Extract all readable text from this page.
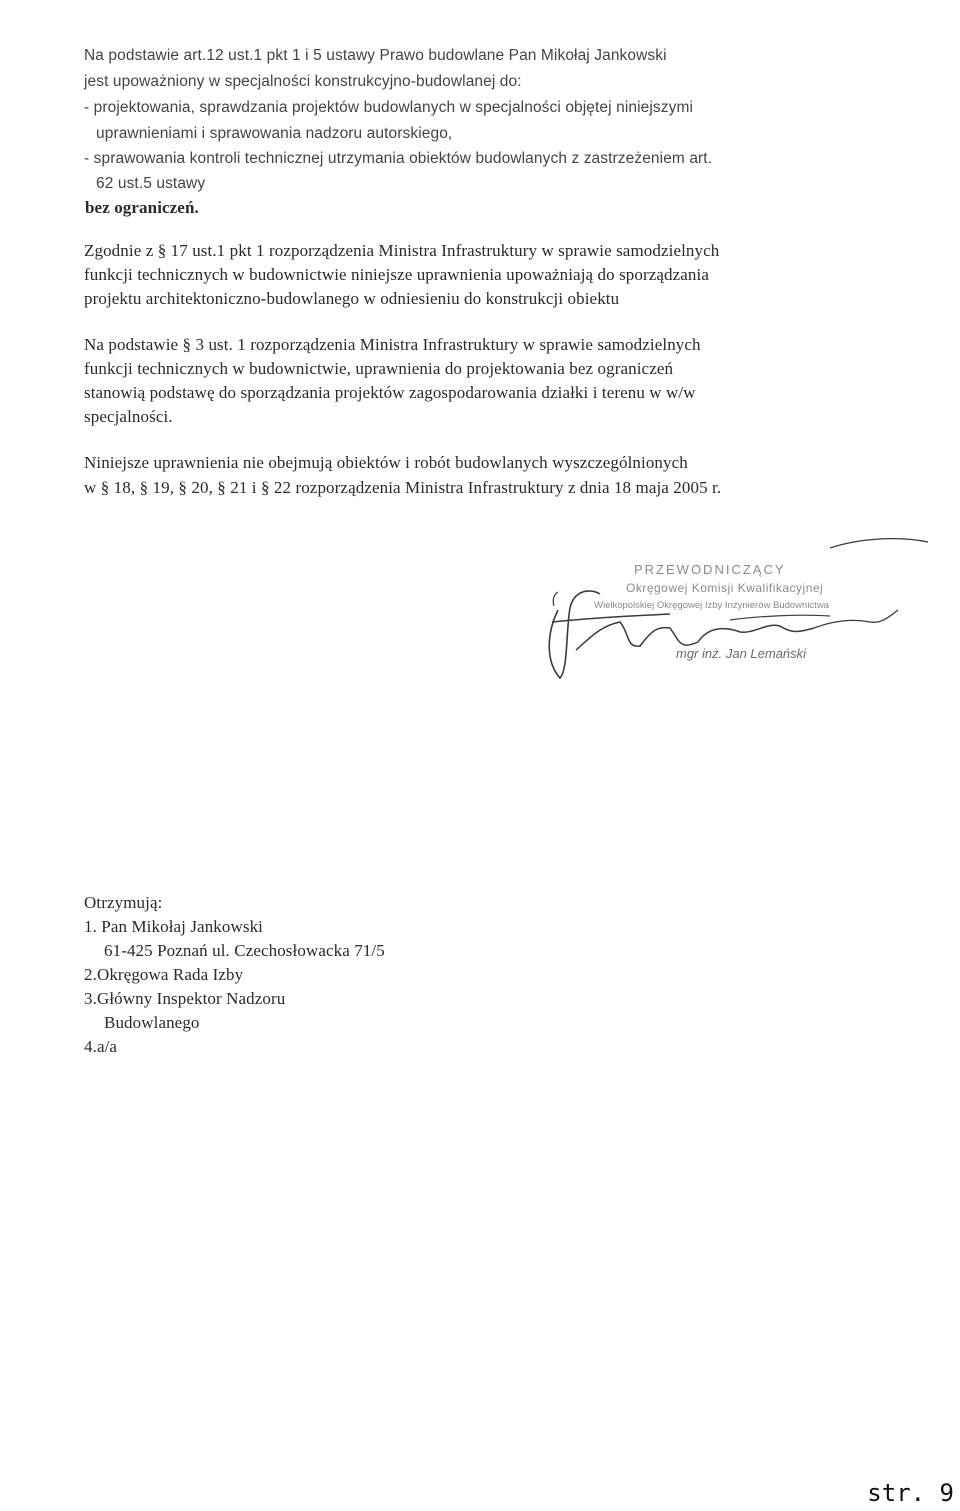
Na podstawie art.12 ust.1 pkt 1 i 5 ustawy Prawo budowlane Pan Mikołaj Jankowski
jest upoważniony w specjalności konstrukcyjno-budowlanej do:
- projektowania, sprawdzania projektów budowlanych w specjalności objętej niniejszymi
uprawnieniami i sprawowania nadzoru autorskiego,
- sprawowania kontroli technicznej utrzymania obiektów budowlanych z zastrzeżeniem art.
62 ust.5 ustawy
bez ograniczeń.
Zgodnie z § 17 ust.1 pkt 1 rozporządzenia Ministra Infrastruktury w sprawie samodzielnych
funkcji technicznych w budownictwie niniejsze uprawnienia upoważniają do sporządzania
projektu architektoniczno-budowlanego w odniesieniu do konstrukcji obiektu
Na podstawie § 3 ust. 1 rozporządzenia Ministra Infrastruktury w sprawie samodzielnych
funkcji technicznych w budownictwie, uprawnienia do projektowania bez ograniczeń
stanowią podstawę do sporządzania projektów zagospodarowania działki i terenu w w/w
specjalności.
Niniejsze uprawnienia nie obejmują obiektów i robót budowlanych wyszczególnionych
w § 18, § 19, § 20, § 21 i § 22 rozporządzenia Ministra Infrastruktury z dnia 18 maja 2005 r.
PRZEWODNICZĄCY
Okręgowej Komisji Kwalifikacyjnej
Wielkopolskiej Okręgowej Izby Inżynierów Budownictwa
mgr inż. Jan Lemański
Otrzymują:
1. Pan Mikołaj Jankowski
61-425 Poznań ul. Czechosłowacka 71/5
2.Okręgowa Rada Izby
3.Główny Inspektor Nadzoru
Budowlanego
4.a/a
str. 9
